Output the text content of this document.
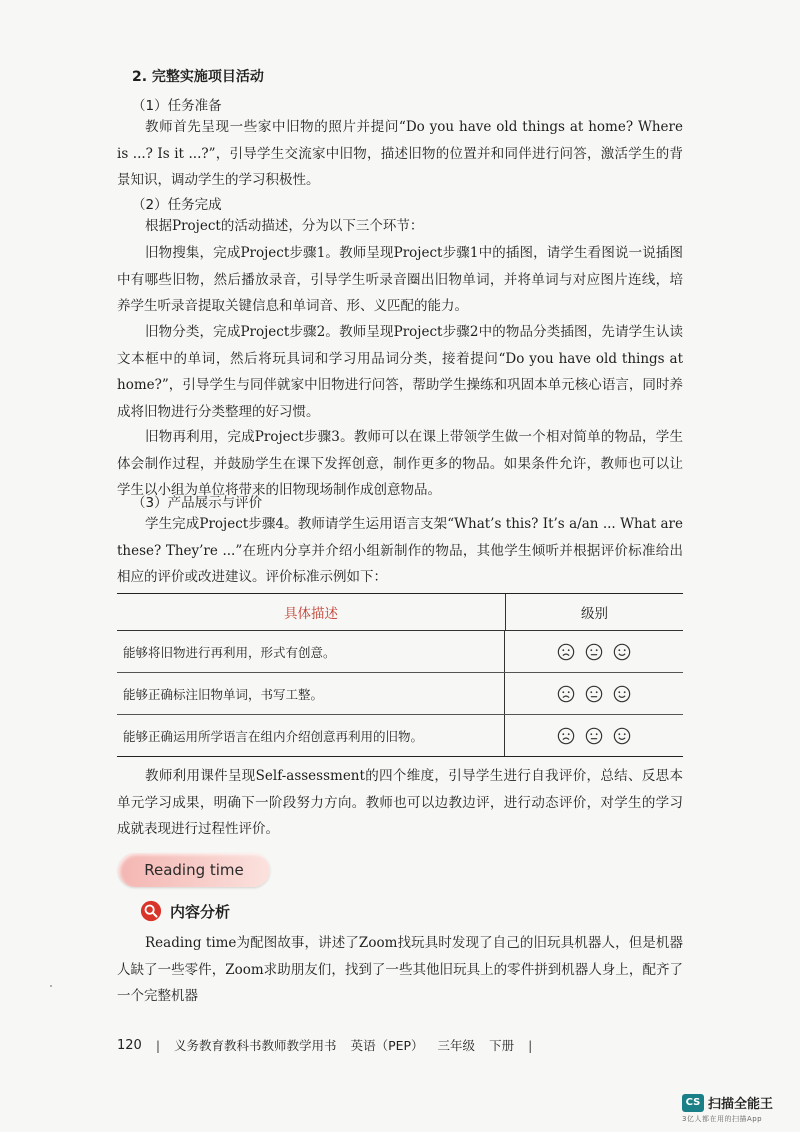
2. 完整实施项目活动
（1）任务准备

教师首先呈现一些家中旧物的照片并提问“Do you have old things at home? Where is ...? Is it ...?”，引导学生交流家中旧物，描述旧物的位置并和同伴进行问答，激活学生的背景知识，调动学生的学习积极性。

（2）任务完成

根据Project的活动描述，分为以下三个环节：

旧物搜集，完成Project步骤1。教师呈现Project步骤1中的插图，请学生看图说一说插图中有哪些旧物，然后播放录音，引导学生听录音圈出旧物单词，并将单词与对应图片连线，培养学生听录音提取关键信息和单词音、形、义匹配的能力。

旧物分类，完成Project步骤2。教师呈现Project步骤2中的物品分类插图，先请学生认读文本框中的单词，然后将玩具词和学习用品词分类，接着提问“Do you have old things at home?”，引导学生与同伴就家中旧物进行问答，帮助学生操练和巩固本单元核心语言，同时养成将旧物进行分类整理的好习惯。

旧物再利用，完成Project步骤3。教师可以在课上带领学生做一个相对简单的物品，学生体会制作过程，并鼓励学生在课下发挥创意，制作更多的物品。如果条件允许，教师也可以让学生以小组为单位将带来的旧物现场制作成创意物品。

（3）产品展示与评价

学生完成Project步骤4。教师请学生运用语言支架“What’s this? It’s a/an ... What are these? They’re ...”在班内分享并介绍小组新制作的物品，其他学生倾听并根据评价标准给出相应的评价或改进建议。评价标准示例如下：

具体描述	级别
能够将旧物进行再利用，形式有创意。
能够正确标注旧物单词，书写工整。
能够正确运用所学语言在组内介绍创意再利用的旧物。

教师利用课件呈现Self-assessment的四个维度，引导学生进行自我评价，总结、反思本单元学习成果，明确下一阶段努力方向。教师也可以边教边评，进行动态评价，对学生的学习成就表现进行过程性评价。

Reading time
内容分析

Reading time为配图故事，讲述了Zoom找玩具时发现了自己的旧玩具机器人，但是机器人缺了一些零件，Zoom求助朋友们，找到了一些其他旧玩具上的零件拼到机器人身上，配齐了一个完整机器

120 | 义务教育教科书教师教学用书 英语（PEP） 三年级 下册 |
CS 扫描全能王
3亿人都在用的扫描App
